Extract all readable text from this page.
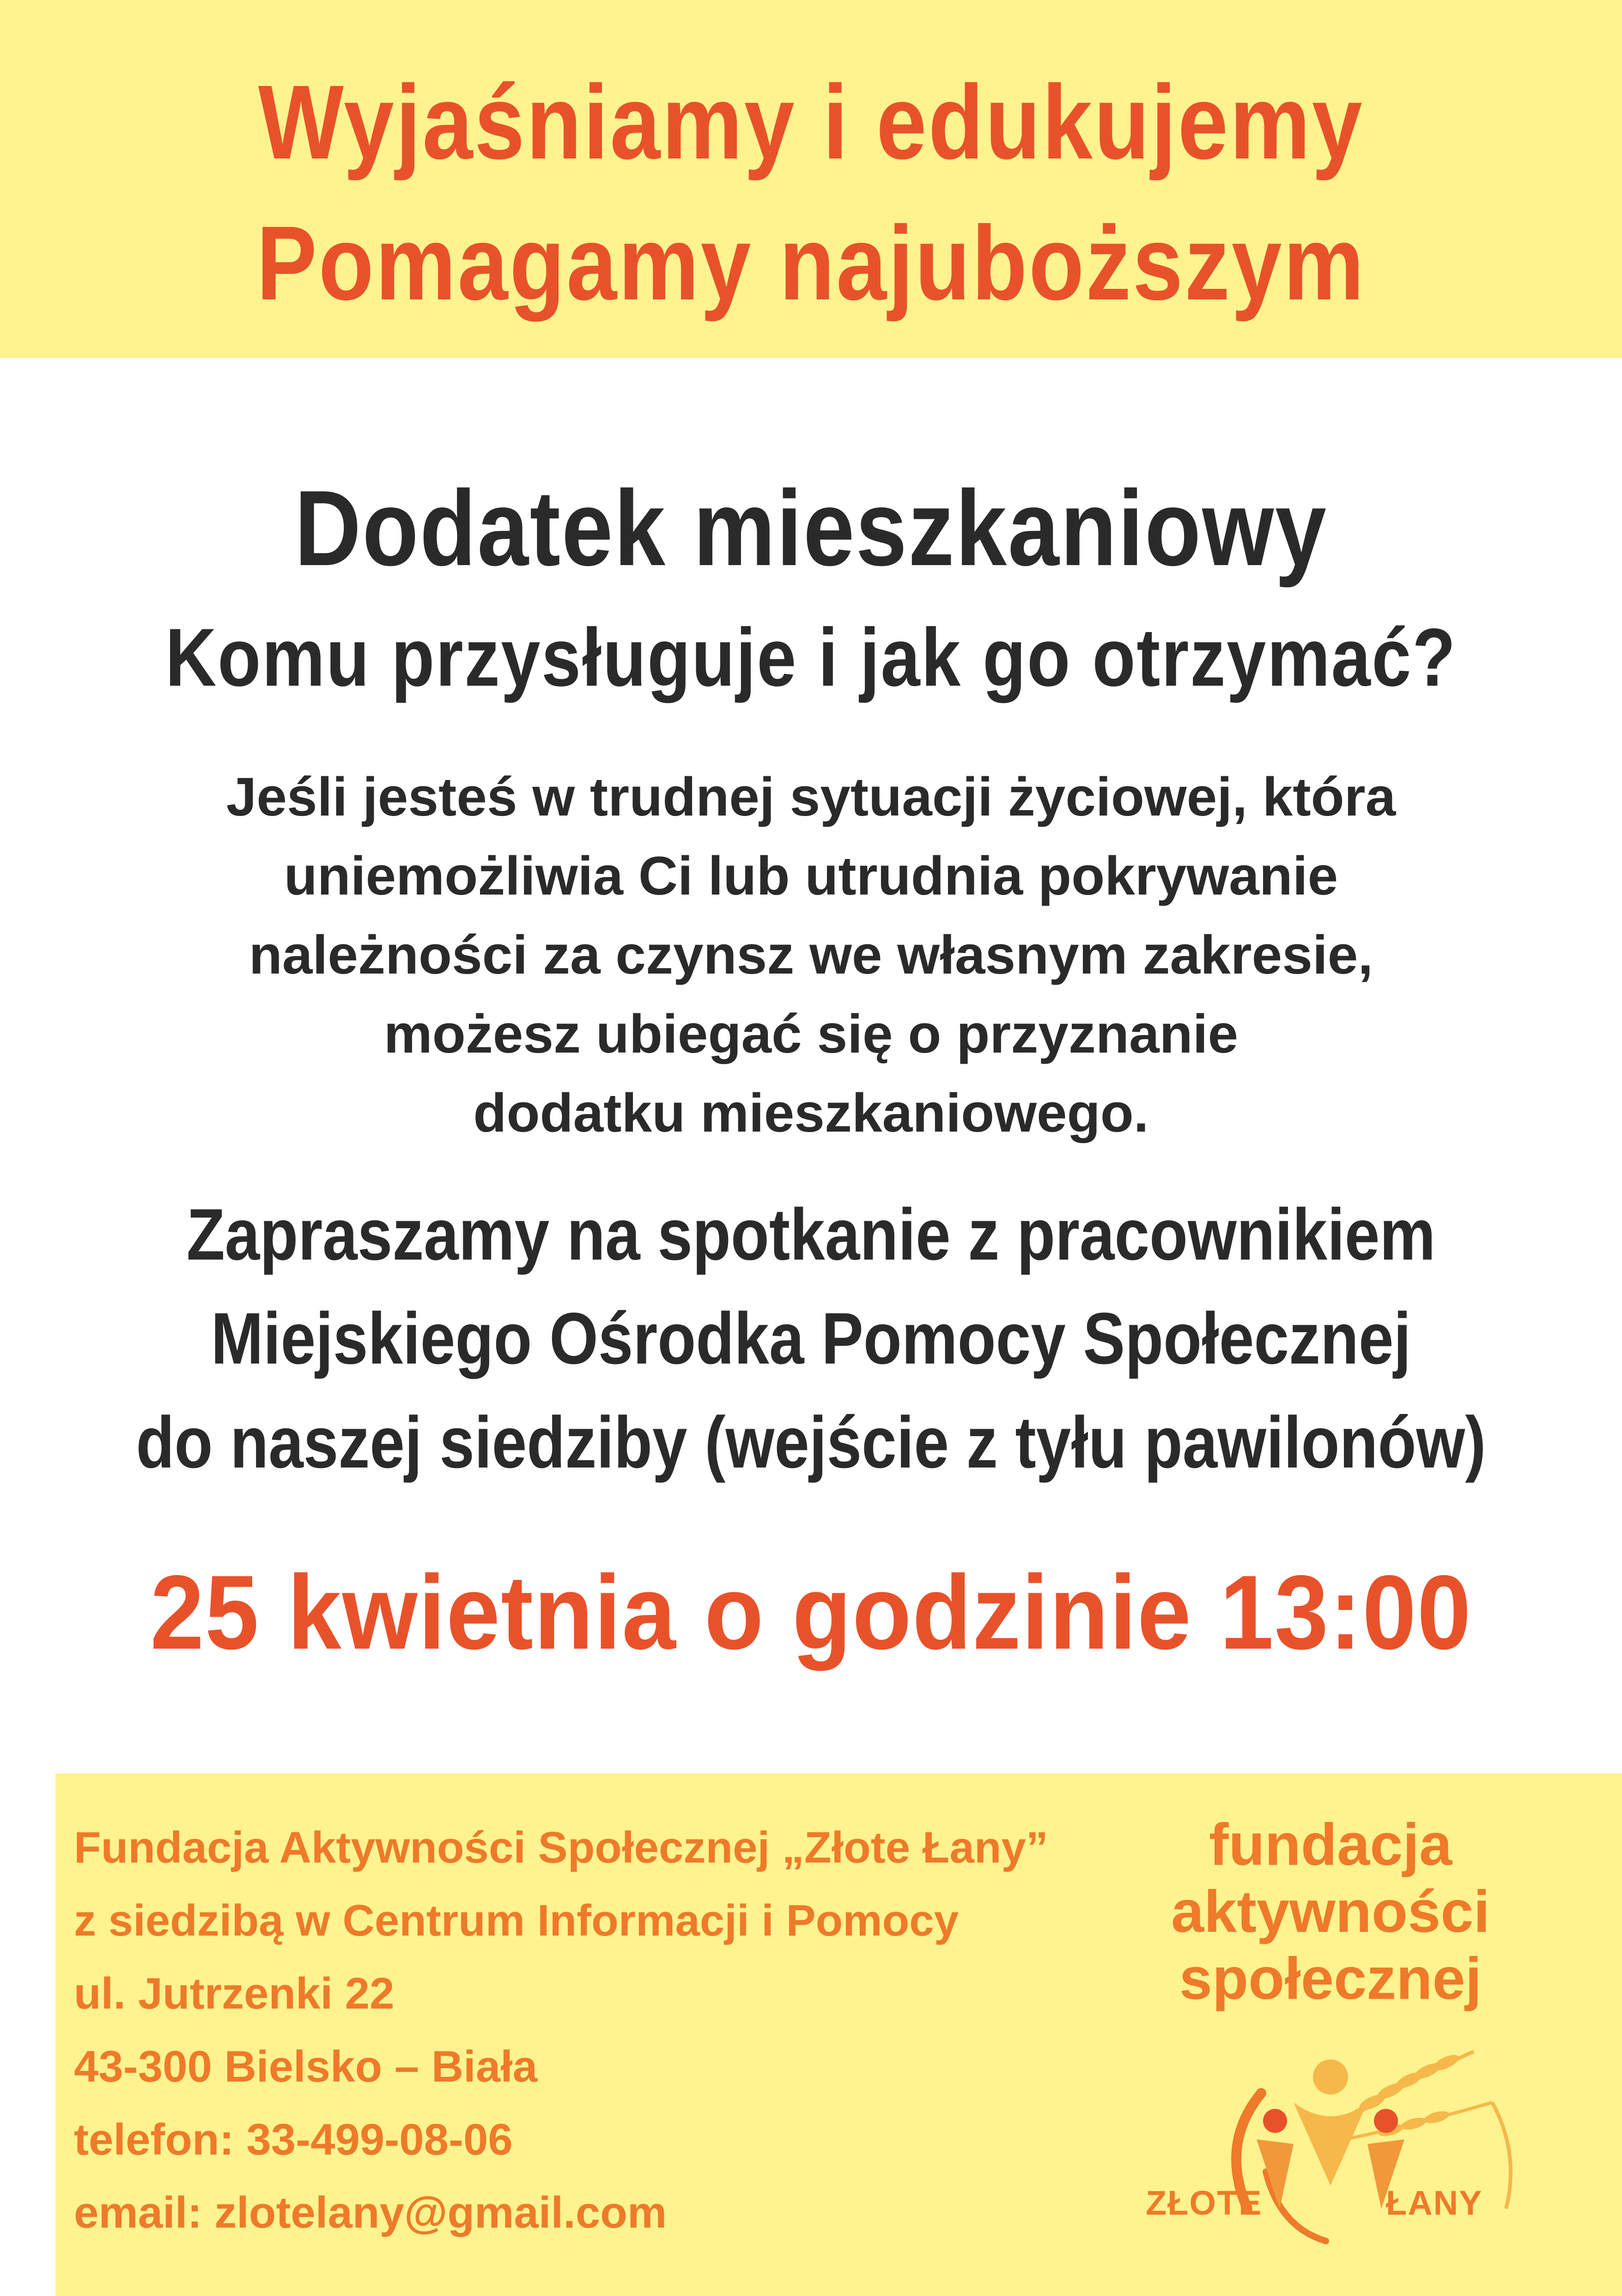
Wyjaśniamy i edukujemy
Pomagamy najuboższym
Dodatek mieszkaniowy
Komu przysługuje i jak go otrzymać?
Jeśli jesteś w trudnej sytuacji życiowej, która
uniemożliwia Ci lub utrudnia pokrywanie
należności za czynsz we własnym zakresie,
możesz ubiegać się o przyznanie
dodatku mieszkaniowego.
Zapraszamy na spotkanie z pracownikiem
Miejskiego Ośrodka Pomocy Społecznej
do naszej siedziby (wejście z tyłu pawilonów)
25 kwietnia o godzinie 13:00
Fundacja Aktywności Społecznej „Złote Łany”
z siedzibą w Centrum Informacji i Pomocy
ul. Jutrzenki 22
43-300 Bielsko – Biała
telefon: 33-499-08-06
email: zlotelany@gmail.com
fundacja
aktywności
społecznej
ZŁOTE	ŁANY
